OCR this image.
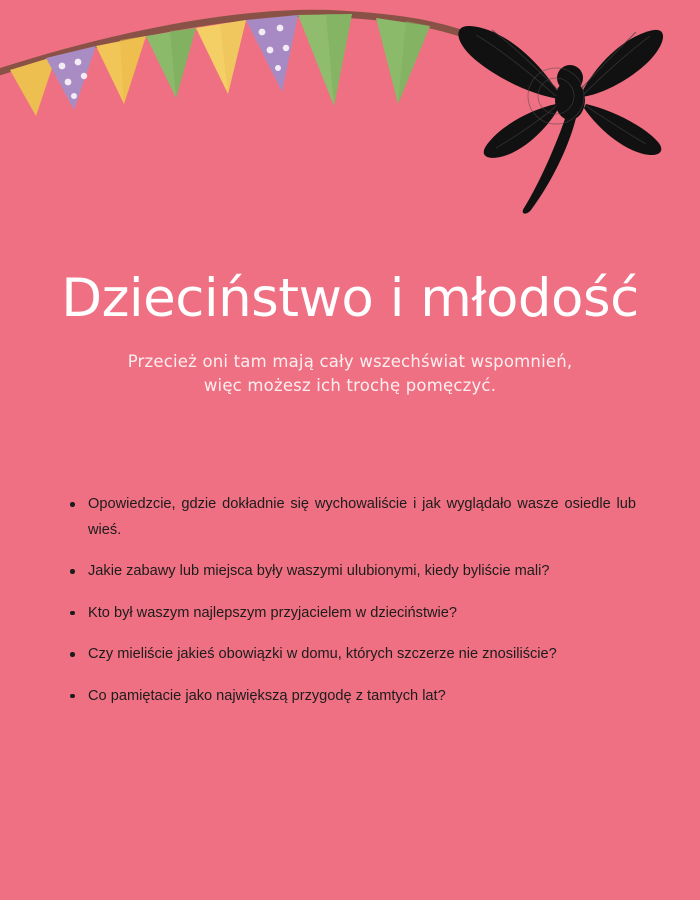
Dzieciństwo i młodość

Przecież oni tam mają cały wszechświat wspomnień,
więc możesz ich trochę pomęczyć.

Opowiedzcie, gdzie dokładnie się wychowaliście i jak wyglądało wasze osiedle lub wieś.
Jakie zabawy lub miejsca były waszymi ulubionymi, kiedy byliście mali?
Kto był waszym najlepszym przyjacielem w dzieciństwie?
Czy mieliście jakieś obowiązki w domu, których szczerze nie znosiliście?
Co pamiętacie jako największą przygodę z tamtych lat?
